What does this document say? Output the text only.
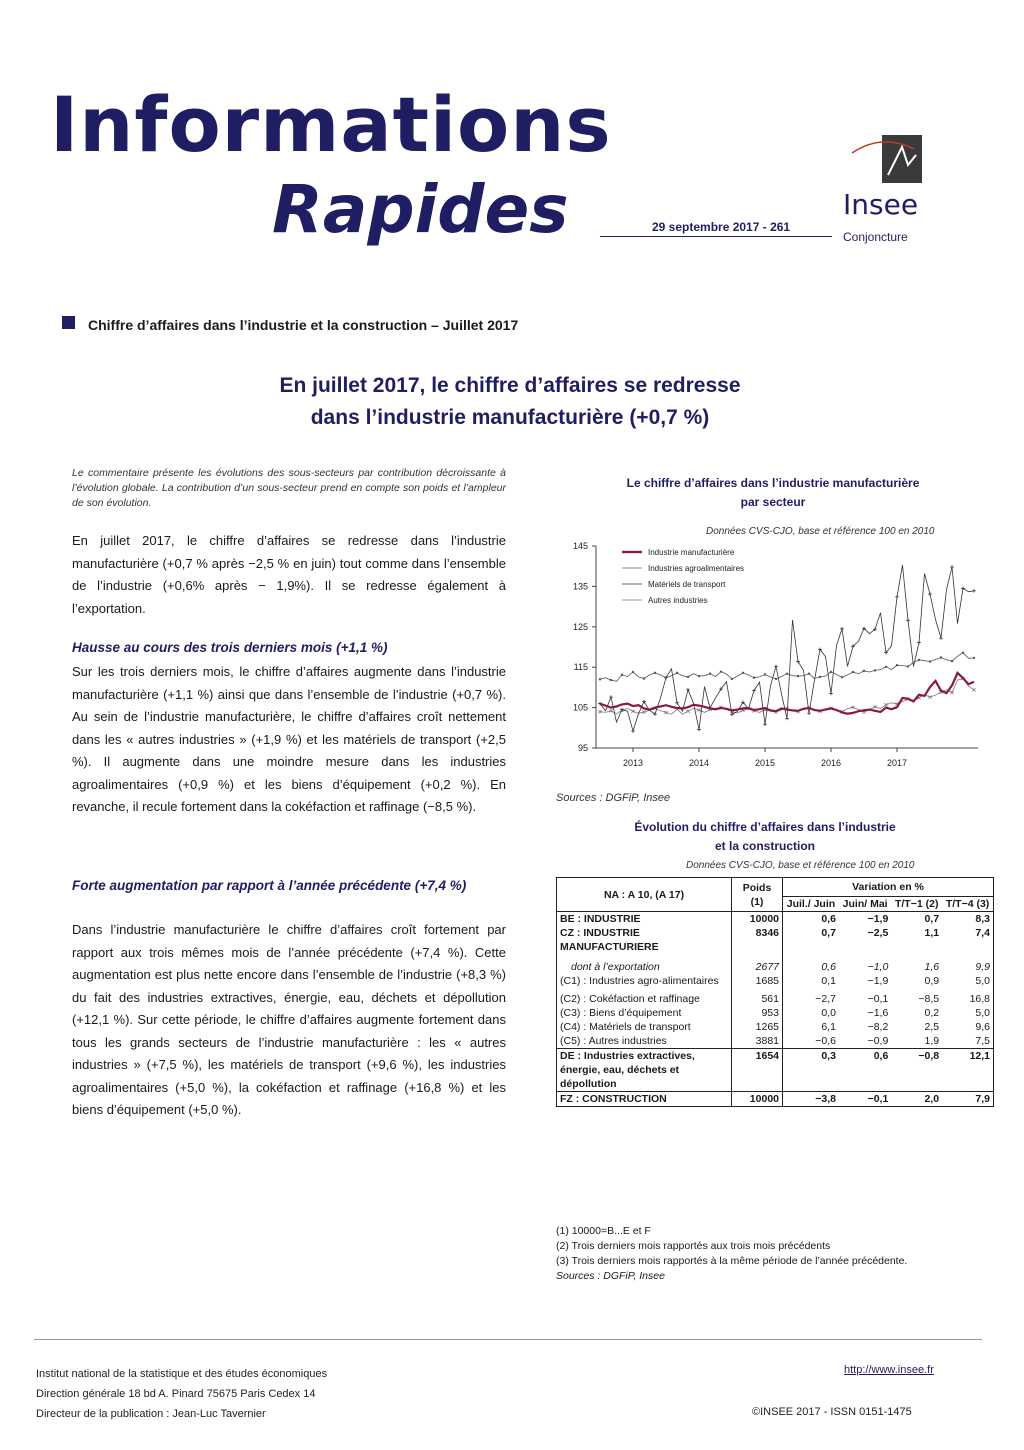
Informations
Rapides	29 septembre 2017 - 261
Insee
Conjoncture
Chiffre d’affaires dans l’industrie et la construction – Juillet 2017
En juillet 2017, le chiffre d’affaires se redresse
dans l’industrie manufacturière (+0,7 %)
Le commentaire présente les évolutions des sous-secteurs par contribution décroissante à l’évolution globale. La contribution d’un sous-secteur prend en compte son poids et l’ampleur de son évolution.
En juillet 2017, le chiffre d’affaires se redresse dans l’industrie manufacturière (+0,7 % après −2,5 % en juin) tout comme dans l’ensemble de l’industrie (+0,6% après − 1,9%). Il se redresse également à l’exportation.
Hausse au cours des trois derniers mois (+1,1 %)
Sur les trois derniers mois, le chiffre d’affaires augmente dans l’industrie manufacturière (+1,1 %) ainsi que dans l’ensemble de l’industrie (+0,7 %). Au sein de l’industrie manufacturière, le chiffre d’affaires croît nettement dans les « autres industries » (+1,9 %) et les matériels de transport (+2,5 %). Il augmente dans une moindre mesure dans les industries agroalimentaires (+0,9 %) et les biens d’équipement (+0,2 %). En revanche, il recule fortement dans la cokéfaction et raffinage (−8,5 %).
Forte augmentation par rapport à l’année précédente (+7,4 %)
Dans l’industrie manufacturière le chiffre d’affaires croît fortement par rapport aux trois mêmes mois de l’année précédente (+7,4 %). Cette augmentation est plus nette encore dans l’ensemble de l’industrie (+8,3 %) du fait des industries extractives, énergie, eau, déchets et dépollution (+12,1 %). Sur cette période, le chiffre d’affaires augmente fortement dans tous les grands secteurs de l’industrie manufacturière : les « autres industries » (+7,5 %), les matériels de transport (+9,6 %), les industries agroalimentaires (+5,0 %), la cokéfaction et raffinage (+16,8 %) et les biens d’équipement (+5,0 %).
Le chiffre d’affaires dans l’industrie manufacturière
par secteur
Données CVS-CJO, base et référence 100 en 2010
95
105
115
125
135
145
2013	2014	2015	2016	2017
Industrie manufacturière
Industries agroalimentaires
Matériels de transport
Autres industries
Sources : DGFiP, Insee
Évolution du chiffre d’affaires dans l’industrie
et la construction
Données CVS-CJO, base et référence 100 en 2010
NA : A 10, (A 17)	Poids (1)	Variation en %			
		Juil./ Juin	Juin/ Mai	T/T−1 (2)	T/T−4 (3)
BE : INDUSTRIE	10000	0,6	−1,9	0,7	8,3
CZ : INDUSTRIE MANUFACTURIERE	8346	0,7	−2,5	1,1	7,4
dont à l’exportation	2677	0,6	−1,0	1,6	9,9
(C1) : Industries agro-alimentaires	1685	0,1	−1,9	0,9	5,0
(C2) : Cokéfaction et raffinage	561	−2,7	−0,1	−8,5	16,8
(C3) : Biens d’équipement	953	0,0	−1,6	0,2	5,0
(C4) : Matériels de transport	1265	6,1	−8,2	2,5	9,6
(C5) : Autres industries	3881	−0,6	−0,9	1,9	7,5
DE : Industries extractives, énergie, eau, déchets et dépollution	1654	0,3	0,6	−0,8	12,1
FZ : CONSTRUCTION	10000	−3,8	−0,1	2,0	7,9
(1) 10000=B...E et F
(2) Trois derniers mois rapportés aux trois mois précédents
(3) Trois derniers mois rapportés à la même période de l’année précédente.
Sources : DGFiP, Insee
Institut national de la statistique et des études économiques
Direction générale 18 bd A. Pinard 75675 Paris Cedex 14
Directeur de la publication : Jean-Luc Tavernier
http://www.insee.fr
©INSEE 2017 - ISSN 0151-1475
